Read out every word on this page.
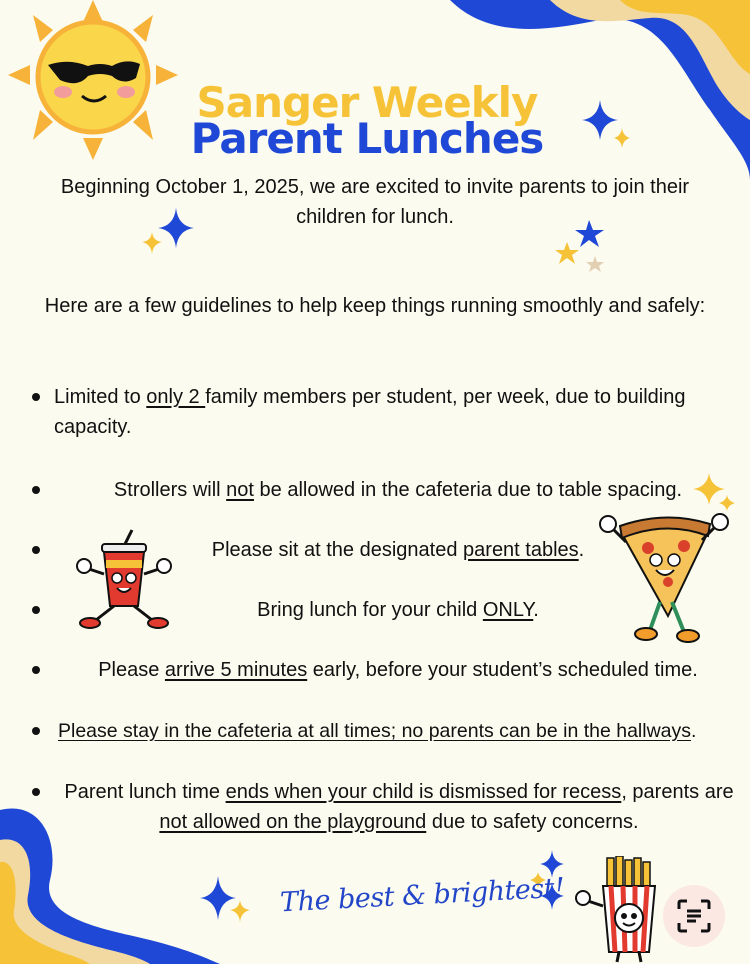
Sanger Weekly
Parent Lunches
Beginning October 1, 2025, we are excited to invite parents to join their children for lunch.
Here are a few guidelines to help keep things running smoothly and safely:
Limited to only 2 family members per student, per week, due to building capacity.
Strollers will not be allowed in the cafeteria due to table spacing.
Please sit at the designated parent tables.
Bring lunch for your child ONLY.
Please arrive 5 minutes early, before your student’s scheduled time.
Please stay in the cafeteria at all times; no parents can be in the hallways.
Parent lunch time ends when your child is dismissed for recess, parents are not allowed on the playground due to safety concerns.
The best & brightest!
